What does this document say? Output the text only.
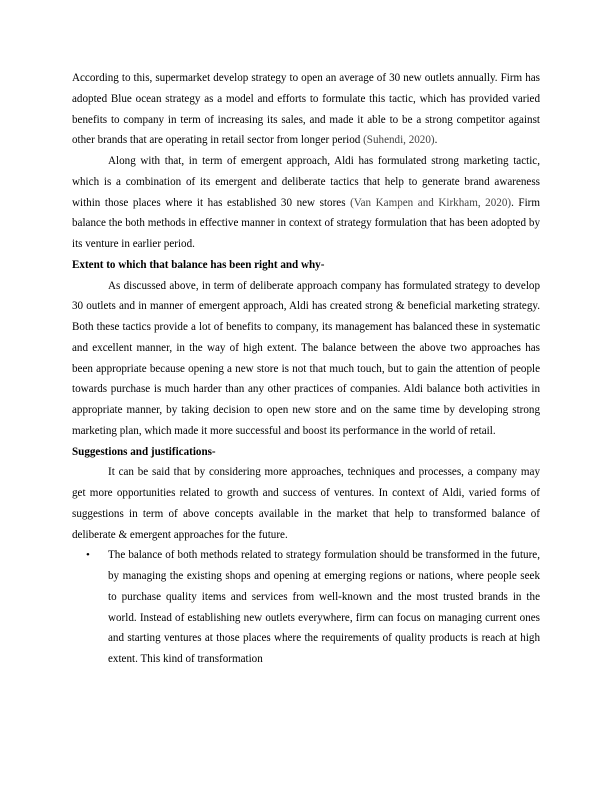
According to this, supermarket develop strategy to open an average of 30 new outlets annually. Firm has adopted Blue ocean strategy as a model and efforts to formulate this tactic, which has provided varied benefits to company in term of increasing its sales, and made it able to be a strong competitor against other brands that are operating in retail sector from longer period (Suhendi, 2020).

Along with that, in term of emergent approach, Aldi has formulated strong marketing tactic, which is a combination of its emergent and deliberate tactics that help to generate brand awareness within those places where it has established 30 new stores (Van Kampen and Kirkham, 2020). Firm balance the both methods in effective manner in context of strategy formulation that has been adopted by its venture in earlier period.

Extent to which that balance has been right and why-

As discussed above, in term of deliberate approach company has formulated strategy to develop 30 outlets and in manner of emergent approach, Aldi has created strong & beneficial marketing strategy. Both these tactics provide a lot of benefits to company, its management has balanced these in systematic and excellent manner, in the way of high extent. The balance between the above two approaches has been appropriate because opening a new store is not that much touch, but to gain the attention of people towards purchase is much harder than any other practices of companies. Aldi balance both activities in appropriate manner, by taking decision to open new store and on the same time by developing strong marketing plan, which made it more successful and boost its performance in the world of retail.

Suggestions and justifications-

It can be said that by considering more approaches, techniques and processes, a company may get more opportunities related to growth and success of ventures. In context of Aldi, varied forms of suggestions in term of above concepts available in the market that help to transformed balance of deliberate & emergent approaches for the future.

• The balance of both methods related to strategy formulation should be transformed in the future, by managing the existing shops and opening at emerging regions or nations, where people seek to purchase quality items and services from well-known and the most trusted brands in the world. Instead of establishing new outlets everywhere, firm can focus on managing current ones and starting ventures at those places where the requirements of quality products is reach at high extent. This kind of transformation
